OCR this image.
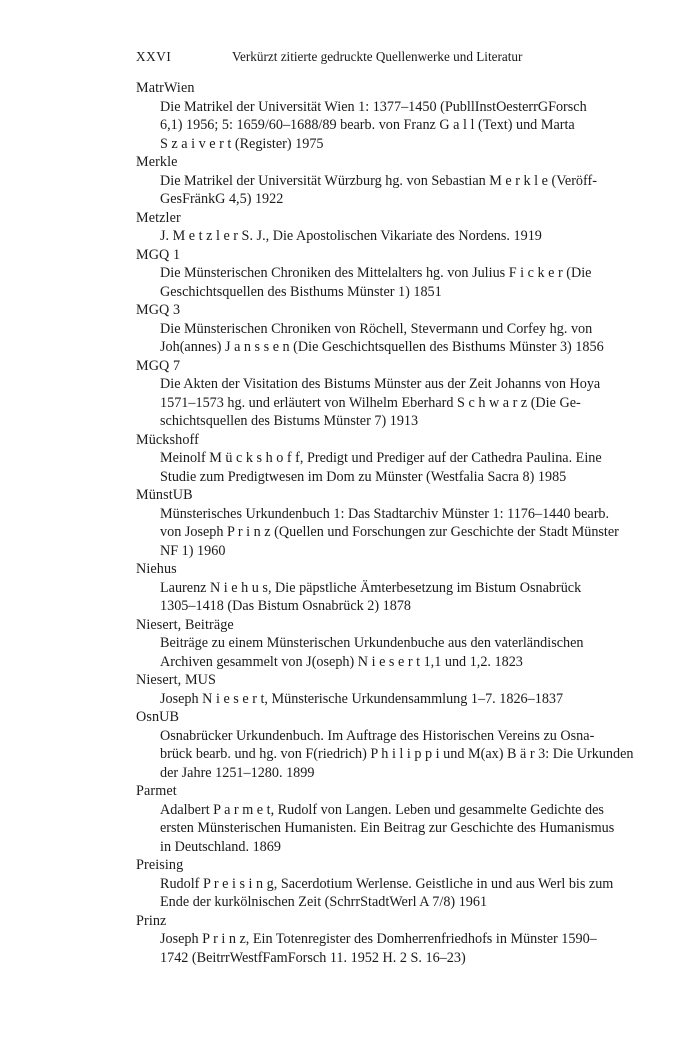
XXVI	Verkürzt zitierte gedruckte Quellenwerke und Literatur
MatrWien
Die Matrikel der Universität Wien 1: 1377–1450 (PubllInstOesterrGForsch
6,1) 1956; 5: 1659/60–1688/89 bearb. von Franz G a l l (Text) und Marta
S z a i v e r t (Register) 1975
Merkle
Die Matrikel der Universität Würzburg hg. von Sebastian M e r k l e (Veröff-
GesFränkG 4,5) 1922
Metzler
J. M e t z l e r S. J., Die Apostolischen Vikariate des Nordens. 1919
MGQ 1
Die Münsterischen Chroniken des Mittelalters hg. von Julius F i c k e r (Die
Geschichtsquellen des Bisthums Münster 1) 1851
MGQ 3
Die Münsterischen Chroniken von Röchell, Stevermann und Corfey hg. von
Joh(annes) J a n s s e n (Die Geschichtsquellen des Bisthums Münster 3) 1856
MGQ 7
Die Akten der Visitation des Bistums Münster aus der Zeit Johanns von Hoya
1571–1573 hg. und erläutert von Wilhelm Eberhard S c h w a r z (Die Ge-
schichtsquellen des Bistums Münster 7) 1913
Mückshoff
Meinolf M ü c k s h o f f, Predigt und Prediger auf der Cathedra Paulina. Eine
Studie zum Predigtwesen im Dom zu Münster (Westfalia Sacra 8) 1985
MünstUB
Münsterisches Urkundenbuch 1: Das Stadtarchiv Münster 1: 1176–1440 bearb.
von Joseph P r i n z (Quellen und Forschungen zur Geschichte der Stadt Münster
NF 1) 1960
Niehus
Laurenz N i e h u s, Die päpstliche Ämterbesetzung im Bistum Osnabrück
1305–1418 (Das Bistum Osnabrück 2) 1878
Niesert, Beiträge
Beiträge zu einem Münsterischen Urkundenbuche aus den vaterländischen
Archiven gesammelt von J(oseph) N i e s e r t 1,1 und 1,2. 1823
Niesert, MUS
Joseph N i e s e r t, Münsterische Urkundensammlung 1–7. 1826–1837
OsnUB
Osnabrücker Urkundenbuch. Im Auftrage des Historischen Vereins zu Osna-
brück bearb. und hg. von F(riedrich) P h i l i p p i und M(ax) B ä r 3: Die Urkunden
der Jahre 1251–1280. 1899
Parmet
Adalbert P a r m e t, Rudolf von Langen. Leben und gesammelte Gedichte des
ersten Münsterischen Humanisten. Ein Beitrag zur Geschichte des Humanismus
in Deutschland. 1869
Preising
Rudolf P r e i s i n g, Sacerdotium Werlense. Geistliche in und aus Werl bis zum
Ende der kurkölnischen Zeit (SchrrStadtWerl A 7/8) 1961
Prinz
Joseph P r i n z, Ein Totenregister des Domherrenfriedhofs in Münster 1590–
1742 (BeitrrWestfFamForsch 11. 1952 H. 2 S. 16–23)
